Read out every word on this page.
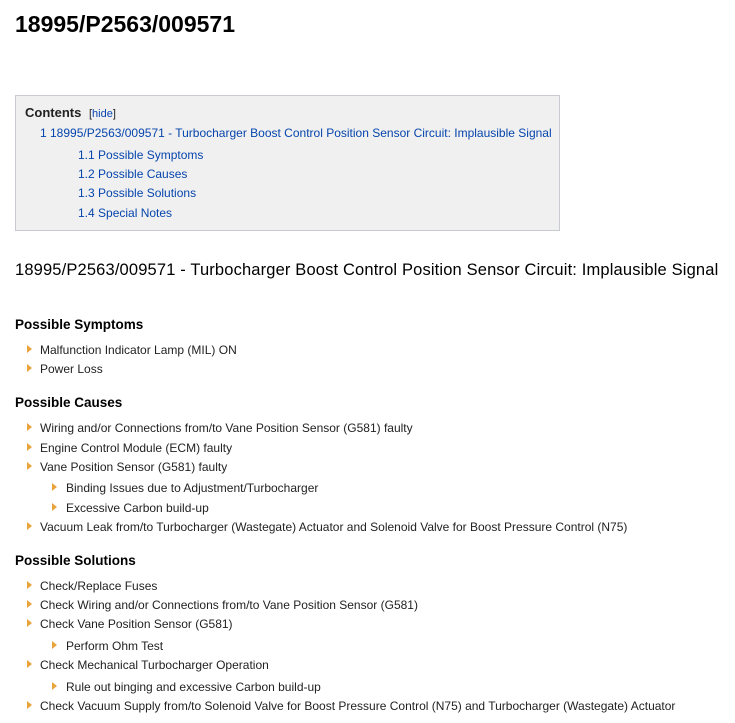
18995/P2563/009571
Contents [hide]
1 18995/P2563/009571 - Turbocharger Boost Control Position Sensor Circuit: Implausible Signal
1.1 Possible Symptoms
1.2 Possible Causes
1.3 Possible Solutions
1.4 Special Notes
18995/P2563/009571 - Turbocharger Boost Control Position Sensor Circuit: Implausible Signal
Possible Symptoms
Malfunction Indicator Lamp (MIL) ON
Power Loss
Possible Causes
Wiring and/or Connections from/to Vane Position Sensor (G581) faulty
Engine Control Module (ECM) faulty
Vane Position Sensor (G581) faulty
Binding Issues due to Adjustment/Turbocharger
Excessive Carbon build-up
Vacuum Leak from/to Turbocharger (Wastegate) Actuator and Solenoid Valve for Boost Pressure Control (N75)
Possible Solutions
Check/Replace Fuses
Check Wiring and/or Connections from/to Vane Position Sensor (G581)
Check Vane Position Sensor (G581)
Perform Ohm Test
Check Mechanical Turbocharger Operation
Rule out binging and excessive Carbon build-up
Check Vacuum Supply from/to Solenoid Valve for Boost Pressure Control (N75) and Turbocharger (Wastegate) Actuator
